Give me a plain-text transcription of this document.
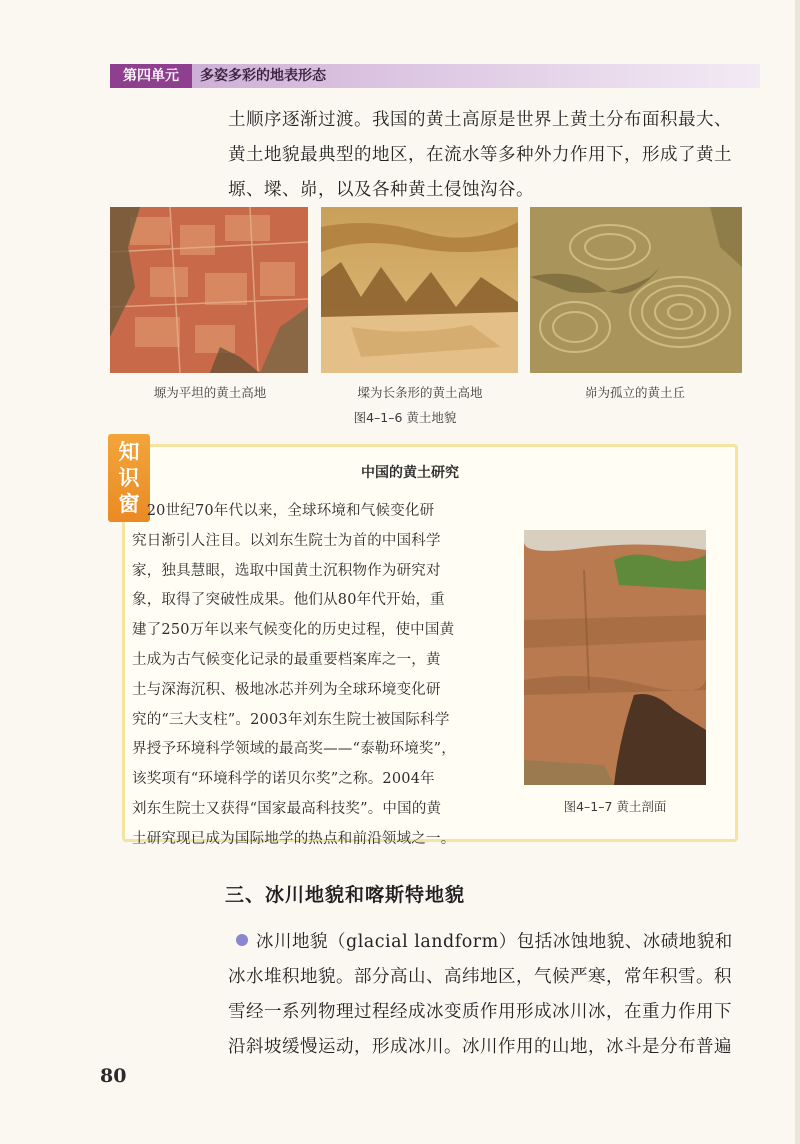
第四单元	多姿多彩的地表形态

土顺序逐渐过渡。我国的黄土高原是世界上黄土分布面积最大、

黄土地貌最典型的地区，在流水等多种外力作用下，形成了黄土

塬、墚、峁，以及各种黄土侵蚀沟谷。

塬为平坦的黄土高地	墚为长条形的黄土高地	峁为孤立的黄土丘
图4–1–6 黄土地貌
知
识
窗
中国的黄土研究

　20世纪70年代以来，全球环境和气候变化研

究日渐引人注目。以刘东生院士为首的中国科学

家，独具慧眼，选取中国黄土沉积物作为研究对

象，取得了突破性成果。他们从80年代开始，重

建了250万年以来气候变化的历史过程，使中国黄

土成为古气候变化记录的最重要档案库之一，黄

土与深海沉积、极地冰芯并列为全球环境变化研

究的“三大支柱”。2003年刘东生院士被国际科学

界授予环境科学领域的最高奖——“泰勒环境奖”，

该奖项有“环境科学的诺贝尔奖”之称。2004年

刘东生院士又获得“国家最高科技奖”。中国的黄

土研究现已成为国际地学的热点和前沿领域之一。

图4–1–7 黄土剖面
三、冰川地貌和喀斯特地貌

冰川地貌（glacial landform）包括冰蚀地貌、冰碛地貌和

冰水堆积地貌。部分高山、高纬地区，气候严寒，常年积雪。积

雪经一系列物理过程经成冰变质作用形成冰川冰，在重力作用下

沿斜坡缓慢运动，形成冰川。冰川作用的山地，冰斗是分布普遍

80
